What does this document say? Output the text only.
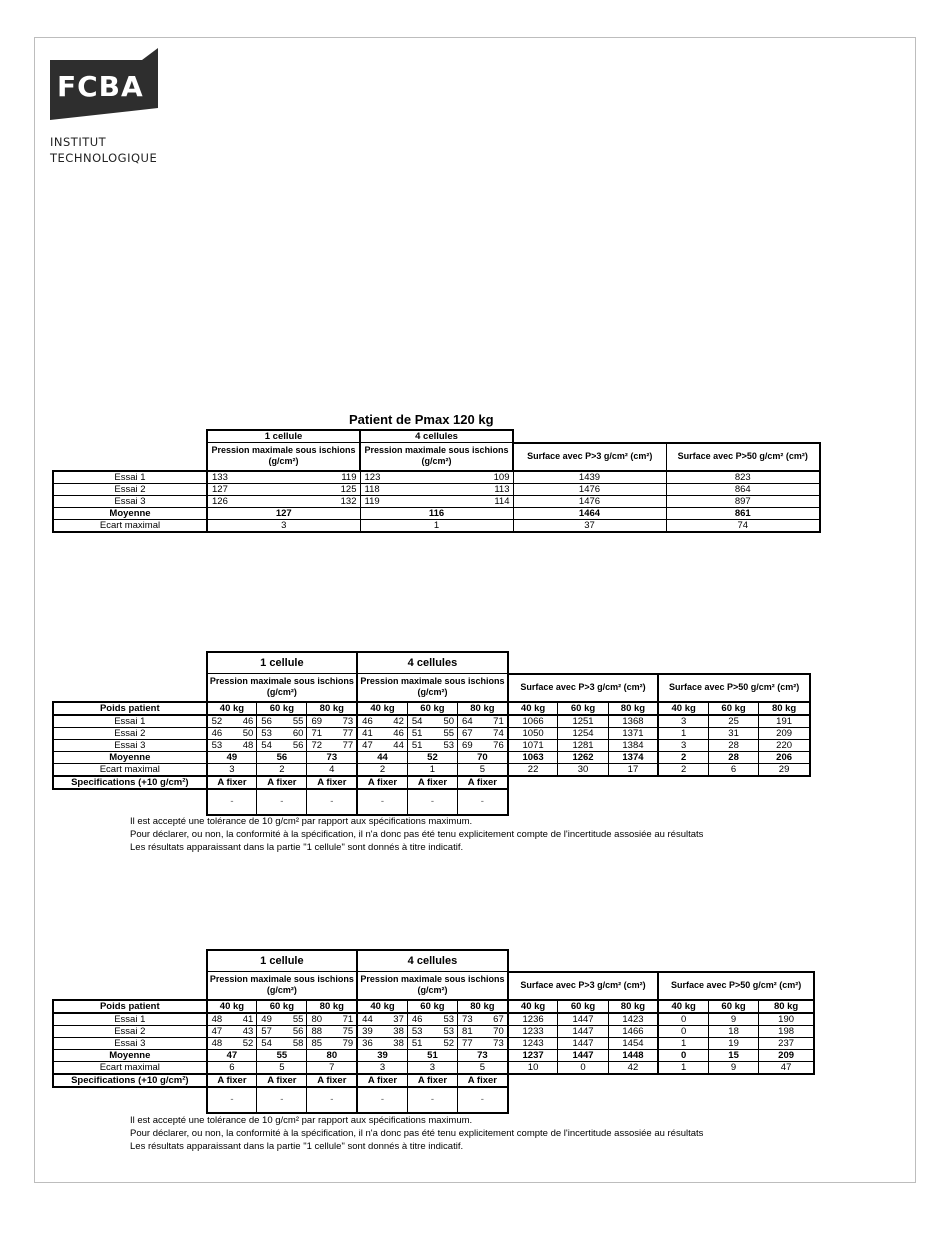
FCBA
INSTITUT
TECHNOLOGIQUE
Patient de Pmax 120 kg
	1 cellule	4 cellules		
	Pression maximale sous ischions (g/cm²)	Pression maximale sous ischions (g/cm²)	Surface avec P>3 g/cm² (cm²)	Surface avec P>50 g/cm² (cm²)
Essai 1	133 119	123 109	1439	823
Essai 2	127 125	118 113	1476	864
Essai 3	126 132	119 114	1476	897
Moyenne	127	116	1464	861
Ecart maximal	3	1	37	74
	1 cellule			4 cellules								
	Pression maximale sous ischions (g/cm²)			Pression maximale sous ischions (g/cm²)			Surface avec P>3 g/cm² (cm²)			Surface avec P>50 g/cm² (cm²)		
Poids patient	40 kg	60 kg	80 kg	40 kg	60 kg	80 kg	40 kg	60 kg	80 kg	40 kg	60 kg	80 kg
Essai 1	52 46	56 55	69 73	46 42	54 50	64 71	1066	1251	1368	3	25	191
Essai 2	46 50	53 60	71 77	41 46	51 55	67 74	1050	1254	1371	1	31	209
Essai 3	53 48	54 56	72 77	47 44	51 53	69 76	1071	1281	1384	3	28	220
Moyenne	49	56	73	44	52	70	1063	1262	1374	2	28	206
Ecart maximal	3	2	4	2	1	5	22	30	17	2	6	29
Specifications (+10 g/cm²)	A fixer	A fixer	A fixer	A fixer	A fixer	A fixer						
	-	-	-	-	-	-						
Il est accepté une tolérance de 10 g/cm² par rapport aux spécifications maximum.
Pour déclarer, ou non, la conformité à la spécification, il n'a donc pas été tenu explicitement compte de l'incertitude assosiée au résultats
Les résultats apparaissant dans la partie "1 cellule" sont donnés à titre indicatif.
	1 cellule			4 cellules								
	Pression maximale sous ischions (g/cm²)			Pression maximale sous ischions (g/cm²)			Surface avec P>3 g/cm² (cm²)			Surface avec P>50 g/cm² (cm²)		
Poids patient	40 kg	60 kg	80 kg	40 kg	60 kg	80 kg	40 kg	60 kg	80 kg	40 kg	60 kg	80 kg
Essai 1	48 41	49 55	80 71	44 37	46 53	73 67	1236	1447	1423	0	9	190
Essai 2	47 43	57 56	88 75	39 38	53 53	81 70	1233	1447	1466	0	18	198
Essai 3	48 52	54 58	85 79	36 38	51 52	77 73	1243	1447	1454	1	19	237
Moyenne	47	55	80	39	51	73	1237	1447	1448	0	15	209
Ecart maximal	6	5	7	3	3	5	10	0	42	1	9	47
Specifications (+10 g/cm²)	A fixer	A fixer	A fixer	A fixer	A fixer	A fixer						
	-	-	-	-	-	-						
Il est accepté une tolérance de 10 g/cm² par rapport aux spécifications maximum.
Pour déclarer, ou non, la conformité à la spécification, il n'a donc pas été tenu explicitement compte de l'incertitude assosiée au résultats
Les résultats apparaissant dans la partie "1 cellule" sont donnés à titre indicatif.
